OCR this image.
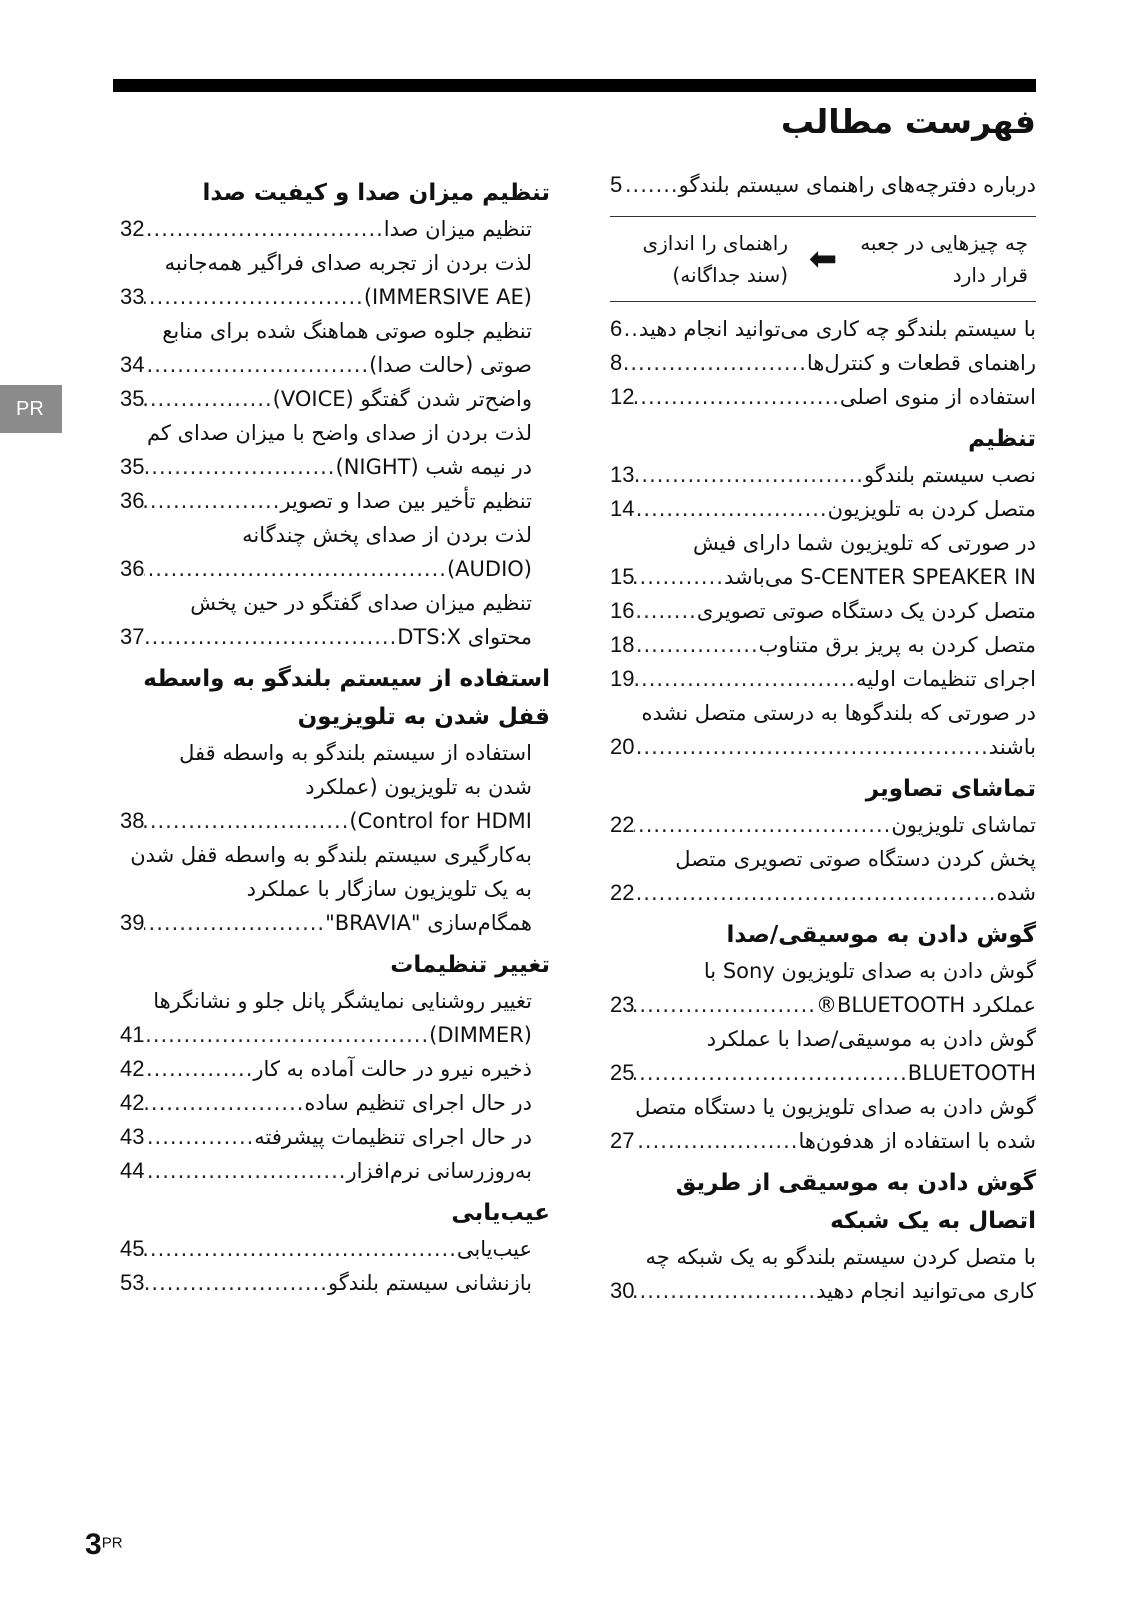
فهرست مطالب
PR
درباره دفترچه‌های راهنمای سیستم بلندگو
.....
5
چه چیزهایی در جعبه
قرار دارد
⬅
راهنمای را اندازی
(سند جداگانه)
با سیستم بلندگو چه کاری می‌توانید انجام دهید
.....
6
راهنمای قطعات و کنترل‌ها
.....
8
استفاده از منوی اصلی
.....
12
تنظیم
نصب سیستم بلندگو
.....
13
متصل کردن به تلویزیون
.....
14
در صورتی که تلویزیون شما دارای فیش
S-CENTER SPEAKER IN می‌باشد
.....
15
متصل کردن یک دستگاه صوتی تصویری
.....
16
متصل کردن به پریز برق متناوب
.....
18
اجرای تنظیمات اولیه
.....
19
در صورتی که بلندگوها به درستی متصل نشده
باشند
.....
20
تماشای تصاویر
تماشای تلویزیون
.....
22
پخش کردن دستگاه صوتی تصویری متصل
شده
.....
22
گوش دادن به موسیقی/صدا
گوش دادن به صدای تلویزیون Sony با
عملکرد BLUETOOTH®
.....
23
گوش دادن به موسیقی/صدا با عملکرد
BLUETOOTH
.....
25
گوش دادن به صدای تلویزیون یا دستگاه متصل
شده با استفاده از هدفون‌ها
.....
27
گوش دادن به موسیقی از طریق اتصال به یک شبکه
با متصل کردن سیستم بلندگو به یک شبکه چه
کاری می‌توانید انجام دهید
.....
30
تنظیم میزان صدا و کیفیت صدا
تنظیم میزان صدا
.....
32
لذت بردن از تجربه صدای فراگیر همه‌جانبه
(IMMERSIVE AE)
.....
33
تنظیم جلوه صوتی هماهنگ شده برای منابع
صوتی (حالت صدا)
.....
34
واضح‌تر شدن گفتگو (VOICE)
.....
35
لذت بردن از صدای واضح با میزان صدای کم
در نیمه شب (NIGHT)
.....
35
تنظیم تأخیر بین صدا و تصویر
.....
36
لذت بردن از صدای پخش چندگانه
(AUDIO)
.....
36
تنظیم میزان صدای گفتگو در حین پخش
محتوای DTS:X
.....
37
استفاده از سیستم بلندگو به واسطه قفل شدن به تلویزیون
استفاده از سیستم بلندگو به واسطه قفل
شدن به تلویزیون (عملکرد
Control for HDMI)
.....
38
به‌کارگیری سیستم بلندگو به واسطه قفل شدن
به یک تلویزیون سازگار با عملکرد
همگام‌سازی "BRAVIA"
.....
39
تغییر تنظیمات
تغییر روشنایی نمایشگر پانل جلو و نشانگرها
(DIMMER)
.....
41
ذخیره نیرو در حالت آماده به کار
.....
42
در حال اجرای تنظیم ساده
.....
42
در حال اجرای تنظیمات پیشرفته
.....
43
به‌روزرسانی نرم‌افزار
.....
44
عیب‌یابی
عیب‌یابی
.....
45
بازنشانی سیستم بلندگو
.....
53
3PR
